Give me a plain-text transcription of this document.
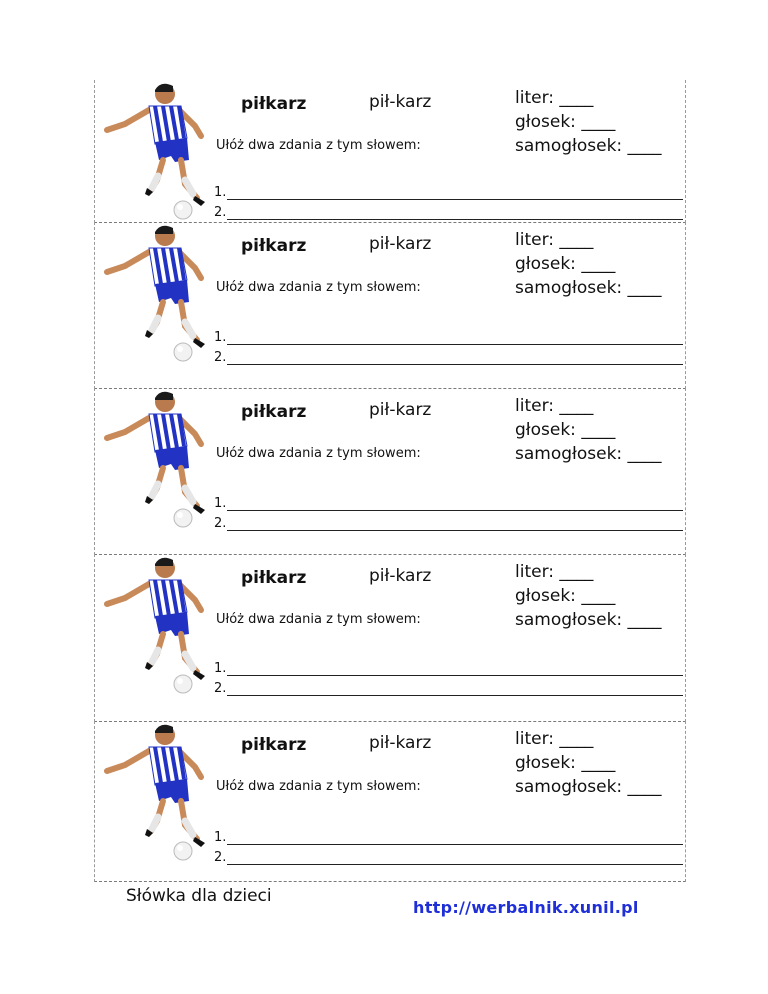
piłkarz	pił-karz
Ułóż dwa zdania z tym słowem:
liter: ____
głosek: ____
samogłosek: ____
1.
2.
piłkarz	pił-karz
Ułóż dwa zdania z tym słowem:
liter: ____
głosek: ____
samogłosek: ____
1.
2.
piłkarz	pił-karz
Ułóż dwa zdania z tym słowem:
liter: ____
głosek: ____
samogłosek: ____
1.
2.
piłkarz	pił-karz
Ułóż dwa zdania z tym słowem:
liter: ____
głosek: ____
samogłosek: ____
1.
2.
piłkarz	pił-karz
Ułóż dwa zdania z tym słowem:
liter: ____
głosek: ____
samogłosek: ____
1.
2.
Słówka dla dzieci
http://werbalnik.xunil.pl
